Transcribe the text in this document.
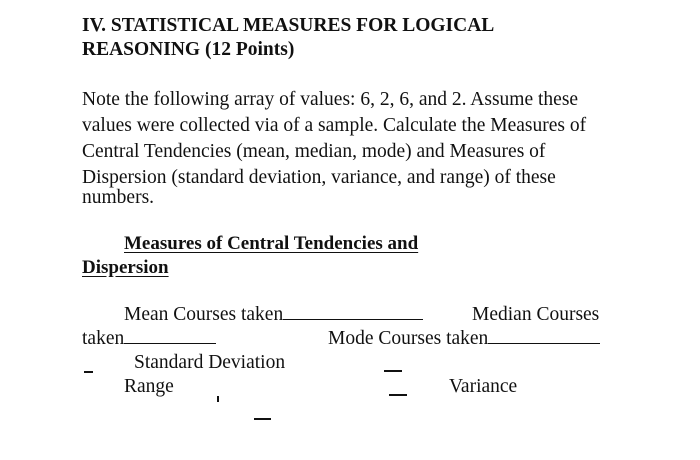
IV. STATISTICAL MEASURES FOR LOGICAL
REASONING (12 Points)
Note the following array of values: 6, 2, 6, and 2. Assume these
values were collected via of a sample. Calculate the Measures of
Central Tendencies (mean, median, mode) and Measures of
Dispersion (standard deviation, variance, and range) of these
numbers.
Measures of Central Tendencies and
Dispersion
Mean Courses taken	Median Courses
taken	Mode Courses taken
Standard Deviation
Range	Variance
